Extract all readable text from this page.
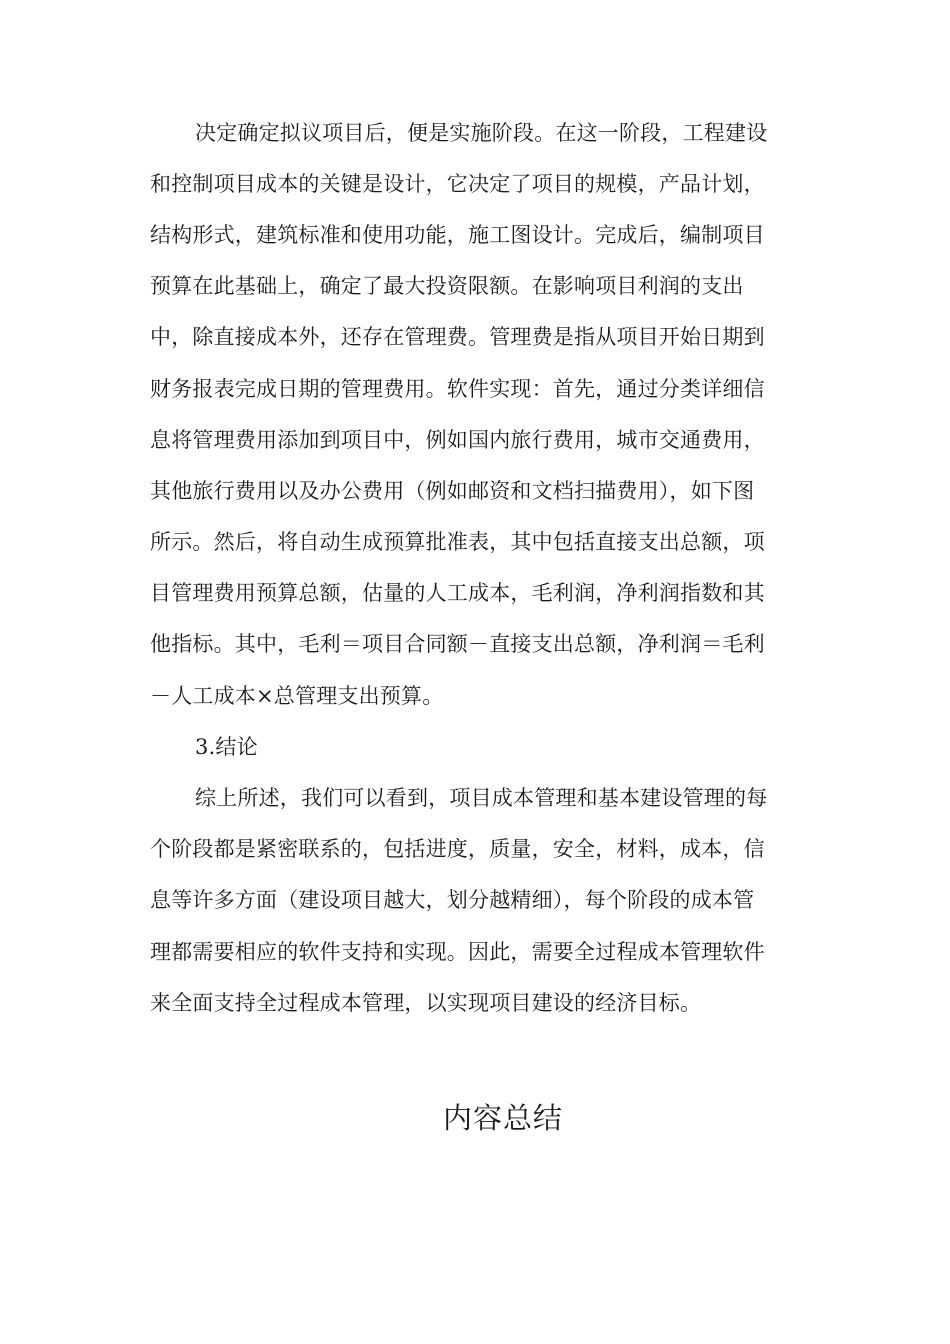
决定确定拟议项目后，便是实施阶段。在这一阶段，工程建设
和控制项目成本的关键是设计，它决定了项目的规模，产品计划，
结构形式，建筑标准和使用功能，施工图设计。完成后，编制项目
预算在此基础上，确定了最大投资限额。在影响项目利润的支出
中，除直接成本外，还存在管理费。管理费是指从项目开始日期到
财务报表完成日期的管理费用。软件实现：首先，通过分类详细信
息将管理费用添加到项目中，例如国内旅行费用，城市交通费用，
其他旅行费用以及办公费用（例如邮资和文档扫描费用），如下图
所示。然后，将自动生成预算批准表，其中包括直接支出总额，项
目管理费用预算总额，估量的人工成本，毛利润，净利润指数和其
他指标。其中，毛利＝项目合同额－直接支出总额，净利润＝毛利
－人工成本×总管理支出预算。
3.结论
综上所述，我们可以看到，项目成本管理和基本建设管理的每
个阶段都是紧密联系的，包括进度，质量，安全，材料，成本，信
息等许多方面（建设项目越大，划分越精细），每个阶段的成本管
理都需要相应的软件支持和实现。因此，需要全过程成本管理软件
来全面支持全过程成本管理，以实现项目建设的经济目标。
内容总结
